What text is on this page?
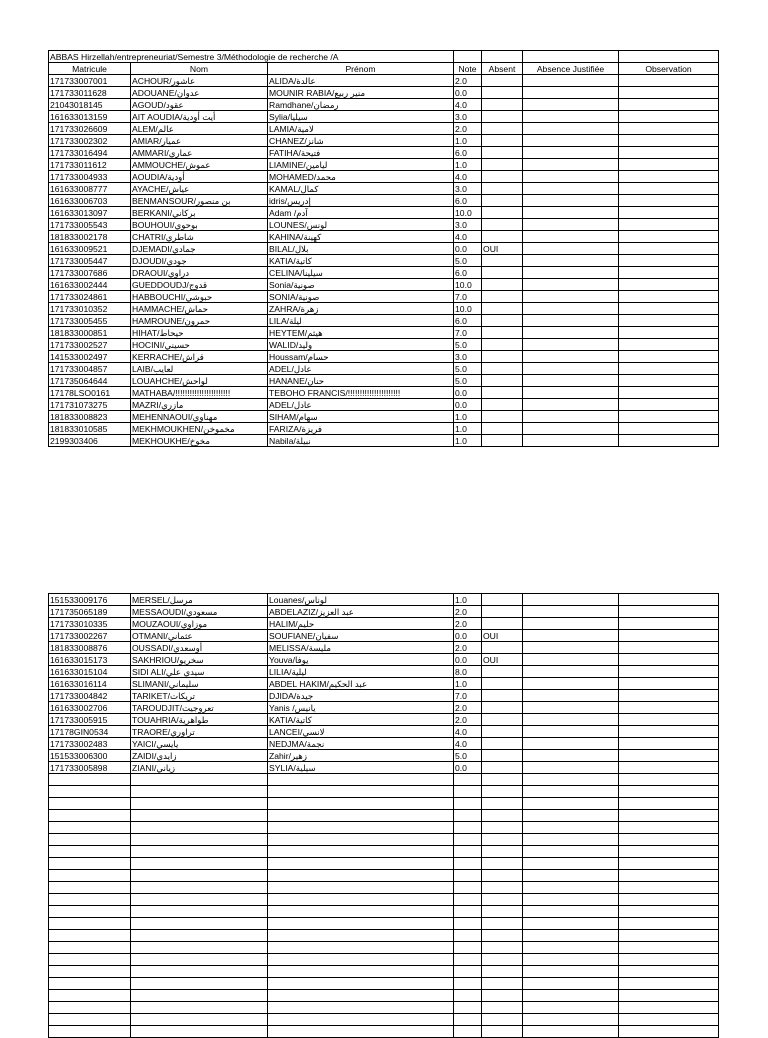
ABBAS Hirzellah/entrepreneuriat/Semestre 3/Méthodologie de recherche /A						
Matricule	Nom	Prénom	Note	Absent	Absence Justifiée	Observation
171733007001	ACHOUR/عاشور	ALIDA/عالدة	2.0			
171733011628	ADOUANE/عدوان	MOUNIR RABIA/منير ربيع	0.0			
21043018145	AGOUD/عقود	Ramdhane/رمضان	4.0			
161633013159	AIT AOUDIA/أيت أودية	Sylia/سيليا	3.0			
171733026609	ALEM/عالم	LAMIA/لامية	2.0			
171733002302	AMIAR/عميار	CHANEZ/شانز	1.0			
171733016494	AMMARI/عماري	FATIHA/فتيحة	6.0			
171733011612	AMMOUCHE/عموش	LIAMINE/لیامین	1.0			
171733004933	AOUDIA/أودية	MOHAMED/محمد	4.0			
161633008777	AYACHE/عياش	KAMAL/كمال	3.0			
161633006703	BENMANSOUR/بن منصور	idris/إدريس	6.0			
161633013097	BERKANI/بركاني	Adam /آدم	10.0			
171733005543	BOUHOUI/بوحوي	LOUNES/لونس	3.0			
181833002178	CHATRI/شاطري	KAHINA/كهينة	4.0			
161633009521	DJEMADI/جمادي	BILAL/بلال	0.0	OUI		
171733005447	DJOUDI/جودي	KATIA/كاتية	5.0			
171733007686	DRAOUI/دراوي	CELINA/سيلينا	6.0			
161633002444	GUEDDOUDJ/قدوج	Sonia/صونية	10.0			
171733024861	HABBOUCHI/حبوشي	SONIA/صونية	7.0			
171733010352	HAMMACHE/حماش	ZAHRA/زهرة	10.0			
171733005455	HAMROUNE/حمرون	LILA/ليلة	6.0			
181833000851	HIHAT/حيحاط	HEYTEM/هيثم	7.0			
171733002527	HOCINI/حسيني	WALID/وليد	5.0			
141533002497	KERRACHE/قراش	Houssam/حسام	3.0			
171733004857	LAIB/لعايب	ADEL/عادل	5.0			
171735064644	LOUAHCHE/لواحش	HANANE/حنان	5.0			
17178LSO0161	MATHABA/!!!!!!!!!!!!!!!!!!!!!!!	TEBOHO FRANCIS/!!!!!!!!!!!!!!!!!!!!!!	0.0			
171731073275	MAZRI/مازري	ADEL/عادل	0.0			
181833008823	MEHENNAOUI/مهناوي	SIHAM/سهام	1.0			
181833010585	MEKHMOUKHEN/مخموخن	FARIZA/فريزة	1.0			
2199303406	MEKHOUKHE/مخوخ	Nabila/نبيلة	1.0			
151533009176	MERSEL/مرسل	Louanes/لوناس	1.0			
171735065189	MESSAOUDI/مسعودي	ABDELAZIZ/عبد العزيز	2.0			
171733010335	MOUZAOUI/موزاوي	HALIM/حليم	2.0			
171733002267	OTMANI/عثماني	SOUFIANE/سفيان	0.0	OUI		
181833008876	OUSSADI/أوسعدي	MELISSA/مليسة	2.0			
161633015173	SAKHRIOU/سخريو	Youva/يوفا	0.0	OUI		
161633015104	SIDI ALI/سيدي علي	LILIA/ليلية	8.0			
161633016114	SLIMANI/سليماني	ABDEL HAKIM/عبد الحكيم	1.0			
171733004842	TARIKET/تريكات	DJIDA/جيدة	7.0			
161633002706	TAROUDJIT/تعروجيت	Yanis /يانيس	2.0			
171733005915	TOUAHRIA/طواهرية	KATIA/كاتية	2.0			
17178GIN0534	TRAORE/تراوري	LANCEI/لانسي	4.0			
171733002483	YAICI/يايسي	NEDJMA/نجمة	4.0			
151533006300	ZAIDI/زايدي	Zahir/زهير	5.0			
171733005898	ZIANI/زياني	SYLIA/سيلية	0.0			
